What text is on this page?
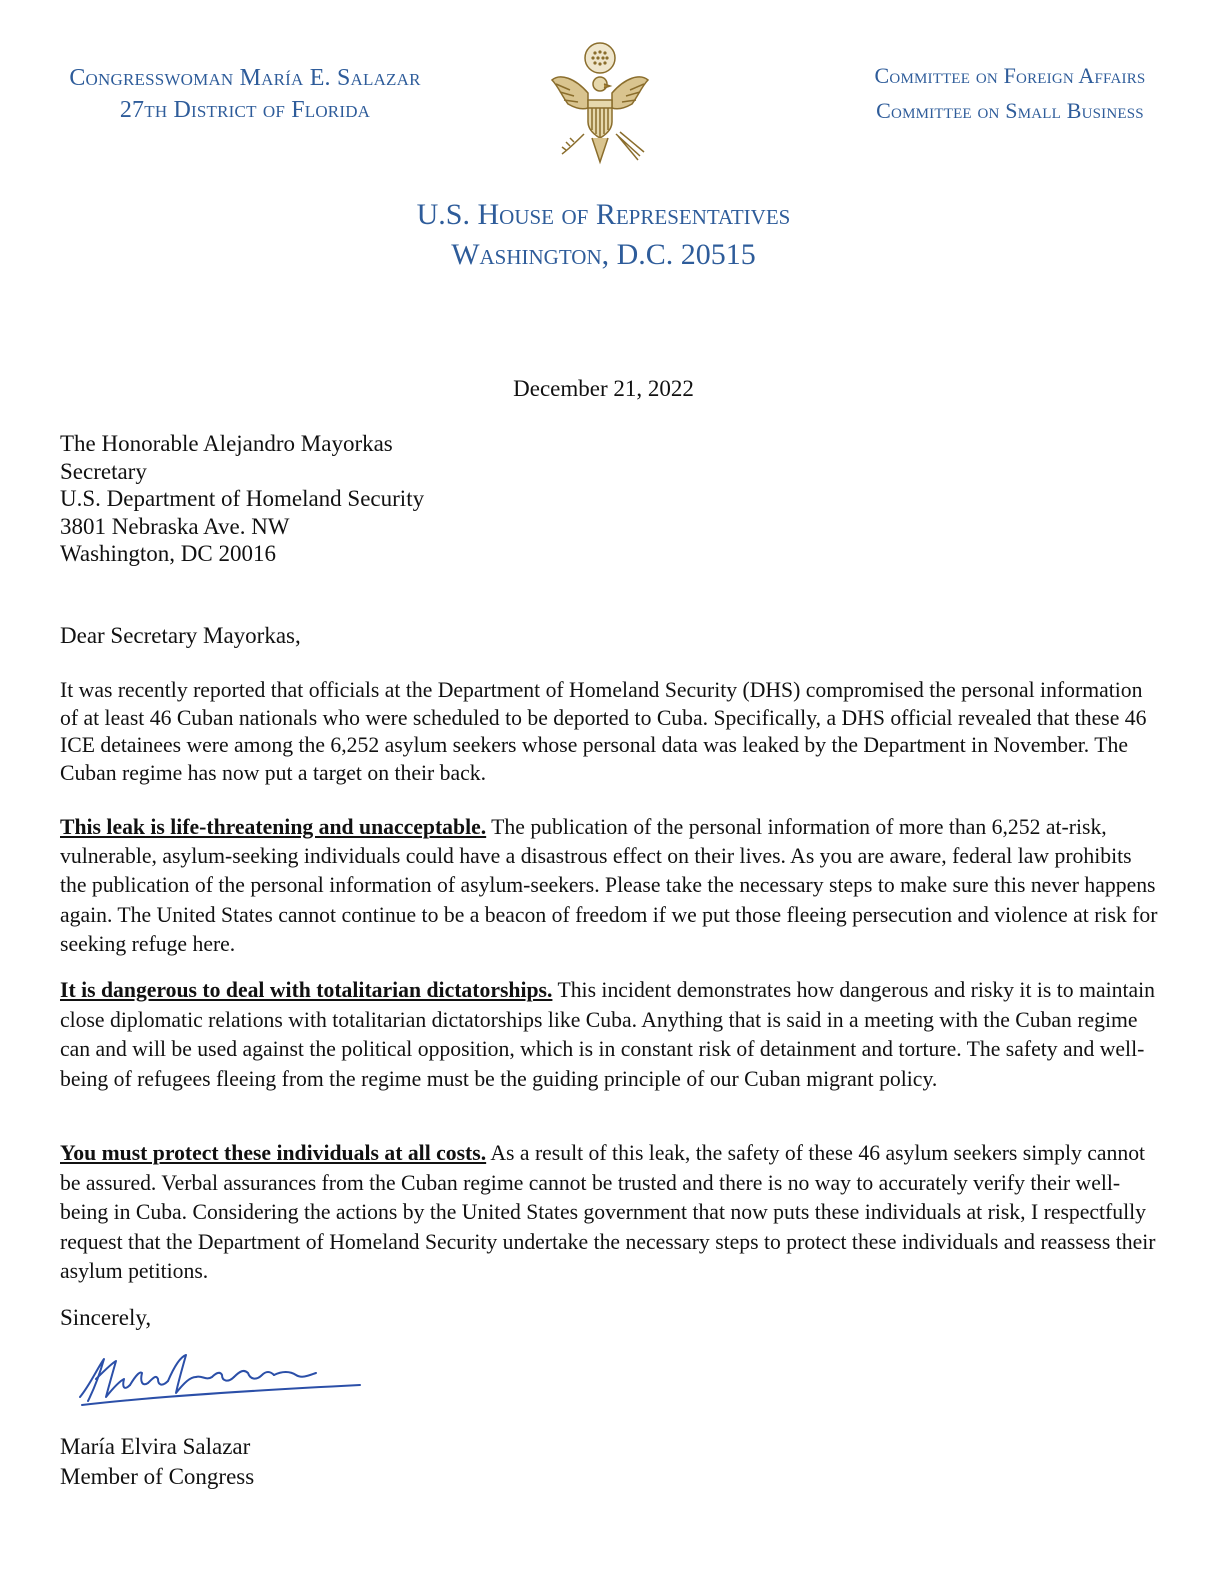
Congresswoman María E. Salazar
27th District of Florida
Committee on Foreign Affairs
Committee on Small Business
U.S. House of Representatives
Washington, D.C. 20515
December 21, 2022
The Honorable Alejandro Mayorkas
Secretary
U.S. Department of Homeland Security
3801 Nebraska Ave. NW
Washington, DC 20016
Dear Secretary Mayorkas,

It was recently reported that officials at the Department of Homeland Security (DHS) compromised the personal information of at least 46 Cuban nationals who were scheduled to be deported to Cuba. Specifically, a DHS official revealed that these 46 ICE detainees were among the 6,252 asylum seekers whose personal data was leaked by the Department in November. The Cuban regime has now put a target on their back.

This leak is life-threatening and unacceptable. The publication of the personal information of more than 6,252 at-risk, vulnerable, asylum-seeking individuals could have a disastrous effect on their lives. As you are aware, federal law prohibits the publication of the personal information of asylum-seekers. Please take the necessary steps to make sure this never happens again. The United States cannot continue to be a beacon of freedom if we put those fleeing persecution and violence at risk for seeking refuge here.

It is dangerous to deal with totalitarian dictatorships. This incident demonstrates how dangerous and risky it is to maintain close diplomatic relations with totalitarian dictatorships like Cuba. Anything that is said in a meeting with the Cuban regime can and will be used against the political opposition, which is in constant risk of detainment and torture. The safety and well-being of refugees fleeing from the regime must be the guiding principle of our Cuban migrant policy.

You must protect these individuals at all costs. As a result of this leak, the safety of these 46 asylum seekers simply cannot be assured. Verbal assurances from the Cuban regime cannot be trusted and there is no way to accurately verify their well-being in Cuba. Considering the actions by the United States government that now puts these individuals at risk, I respectfully request that the Department of Homeland Security undertake the necessary steps to protect these individuals and reassess their asylum petitions.

Sincerely,
María Elvira Salazar
Member of Congress
